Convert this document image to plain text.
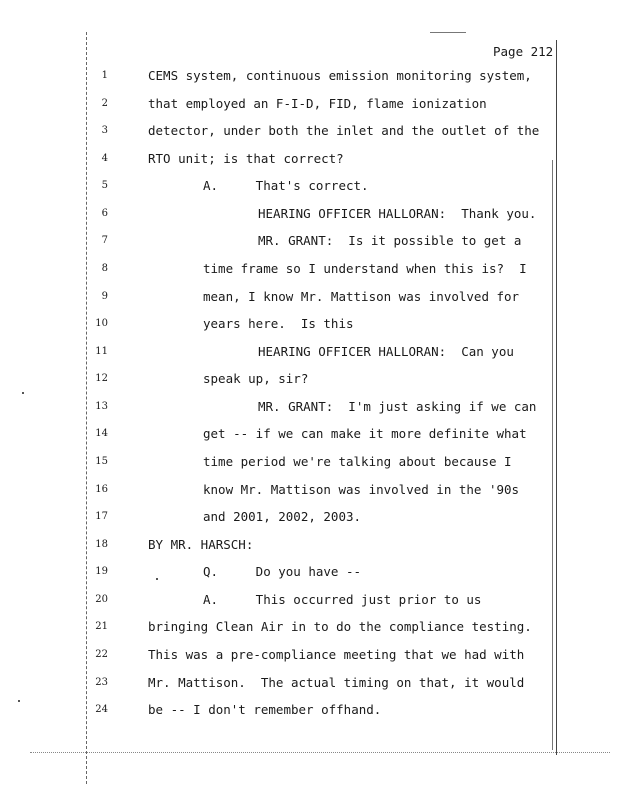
Page 212
1	CEMS system, continuous emission monitoring system,
2	that employed an F-I-D, FID, flame ionization
3	detector, under both the inlet and the outlet of the
4	RTO unit; is that correct?
5	A.     That's correct.
6	HEARING OFFICER HALLORAN:  Thank you.
7	MR. GRANT:  Is it possible to get a
8	time frame so I understand when this is?  I
9	mean, I know Mr. Mattison was involved for
10	years here.  Is this
11	HEARING OFFICER HALLORAN:  Can you
12	speak up, sir?
13	MR. GRANT:  I'm just asking if we can
14	get -- if we can make it more definite what
15	time period we're talking about because I
16	know Mr. Mattison was involved in the '90s
17	and 2001, 2002, 2003.
18	BY MR. HARSCH:
19	Q.     Do you have --
20	A.     This occurred just prior to us
21	bringing Clean Air in to do the compliance testing.
22	This was a pre-compliance meeting that we had with
23	Mr. Mattison.  The actual timing on that, it would
24	be -- I don't remember offhand.
